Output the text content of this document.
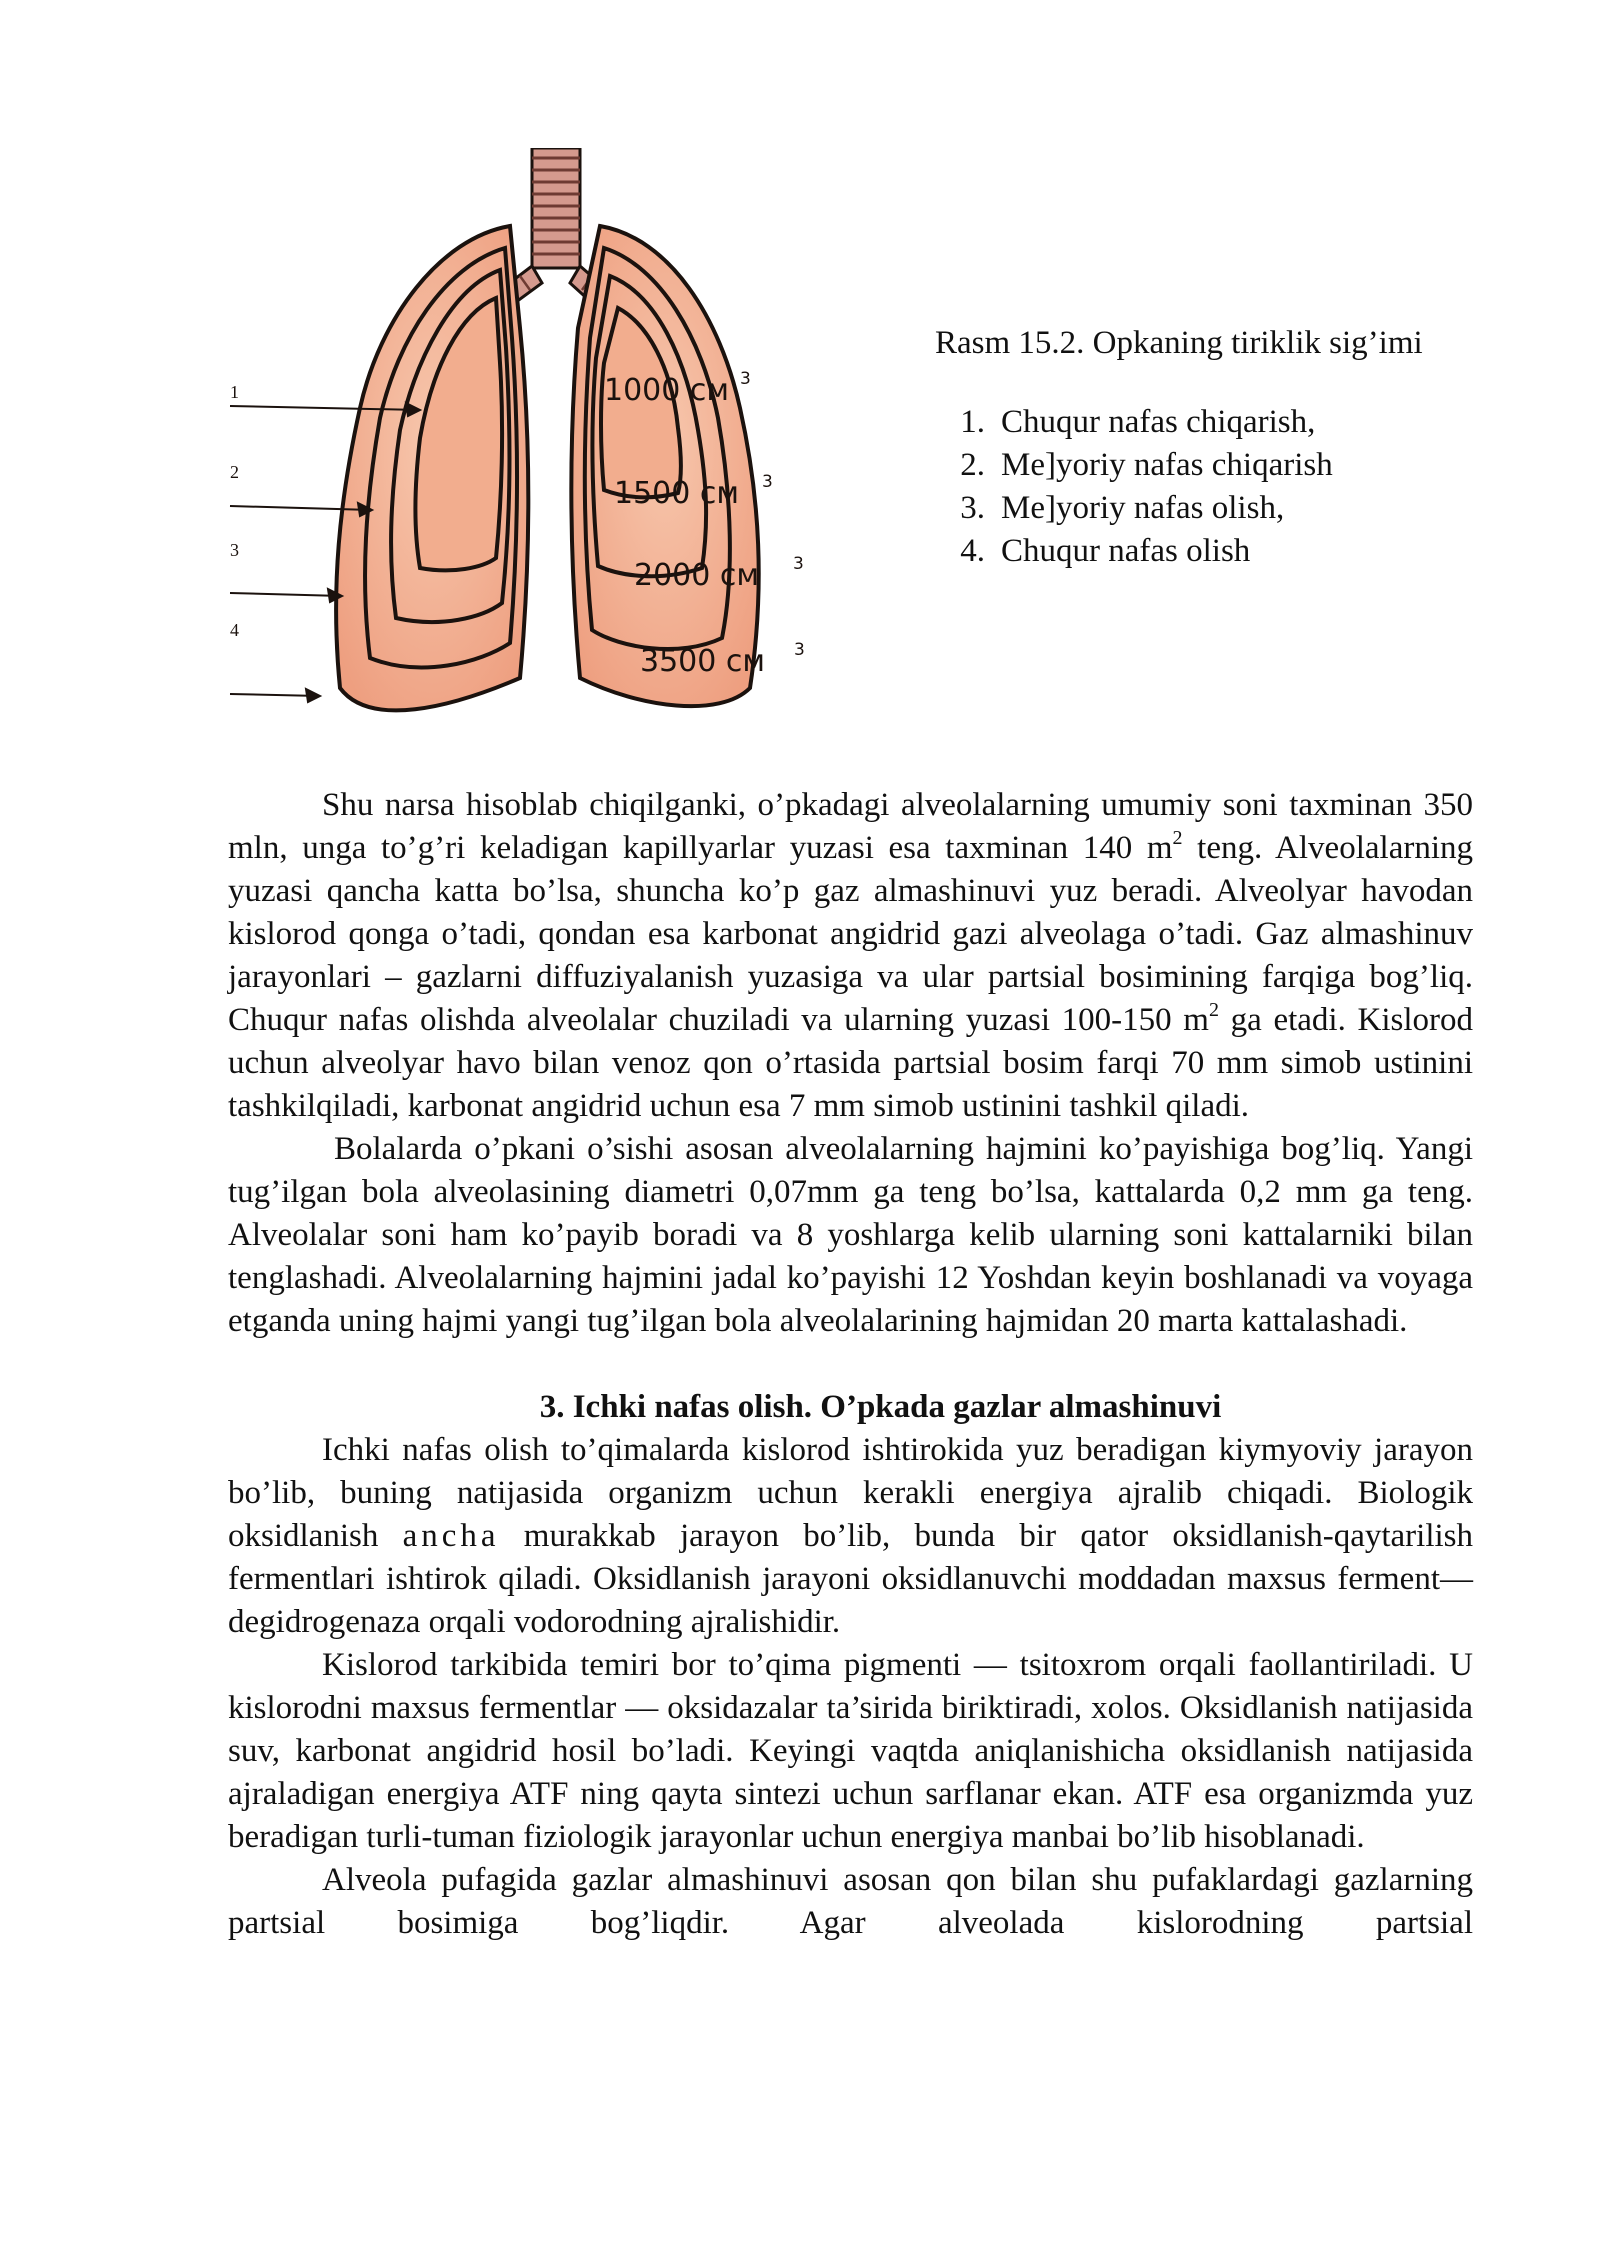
1000 см 3
1500 см 3
2000 см 3
3500 см 3
1
2
3
4

Rasm 15.2. Opkaning tiriklik sig’imi

1. Chuqur nafas chiqarish,
2. Me]yoriy nafas chiqarish
3. Me]yoriy nafas olish,
4. Chuqur nafas olish

Shu narsa hisoblab chiqilganki, o’pkadagi alveolalarning umumiy soni taxminan 350 mln, unga to’g’ri keladigan kapillyarlar yuzasi esa taxminan 140 $m^2$ teng. Alveolalarning yuzasi qancha katta bo’lsa, shuncha ko’p gaz almashinuvi yuz beradi. Alveolyar havodan kislorod qonga o’tadi, qondan esa karbonat angidrid gazi alveolaga o’tadi. Gaz almashinuv jarayonlari – gazlarni diffuziyalanish yuzasiga va ular partsial bosimining farqiga bog’liq. Chuqur nafas olishda alveolalar chuziladi va ularning yuzasi 100-150 $m^2$ ga etadi. Kislorod uchun alveolyar havo bilan venoz qon o’rtasida partsial bosim farqi 70 mm simob ustinini tashkilqiladi, karbonat angidrid uchun esa 7 mm simob ustinini tashkil qiladi.

Bolalarda o’pkani o’sishi asosan alveolalarning hajmini ko’payishiga bog’liq. Yangi tug’ilgan bola alveolasining diametri 0,07mm ga teng bo’lsa, kattalarda 0,2 mm ga teng. Alveolalar soni ham ko’payib boradi va 8 yoshlarga kelib ularning soni kattalarniki bilan tenglashadi. Alveolalarning hajmini jadal ko’payishi 12 Yoshdan keyin boshlanadi va voyaga etganda uning hajmi yangi tug’ilgan bola alveolalarining hajmidan 20 marta kattalashadi.

3. Ichki nafas olish. O’pkada gazlar almashinuvi

Ichki nafas olish to’qimalarda kislorod ishtirokida yuz beradigan kiymyoviy jarayon bo’lib, buning natijasida organizm uchun kerakli energiya ajralib chiqadi. Biologik oksidlanish ancha murakkab jarayon bo’lib, bunda bir qator oksidlanish-qaytarilish fermentlari ishtirok qiladi. Oksidlanish jarayoni oksidlanuvchi moddadan maxsus ferment— degidrogenaza orqali vodorodning ajralishidir.

Kislorod tarkibida temiri bor to’qima pigmenti — tsitoxrom orqali faollantiriladi. U kislorodni maxsus fermentlar — oksidazalar ta’sirida biriktiradi, xolos. Oksidlanish natijasida suv, karbonat angidrid hosil bo’ladi. Keyingi vaqtda aniqlanishicha oksidlanish natijasida ajraladigan energiya ATF ning qayta sintezi uchun sarflanar ekan. ATF esa organizmda yuz beradigan turli-tuman fiziologik jarayonlar uchun energiya manbai bo’lib hisoblanadi.

Alveola pufagida gazlar almashinuvi asosan qon bilan shu pufaklardagi gazlarning partsial bosimiga bog’liqdir. Agar alveolada kislorodning partsial
